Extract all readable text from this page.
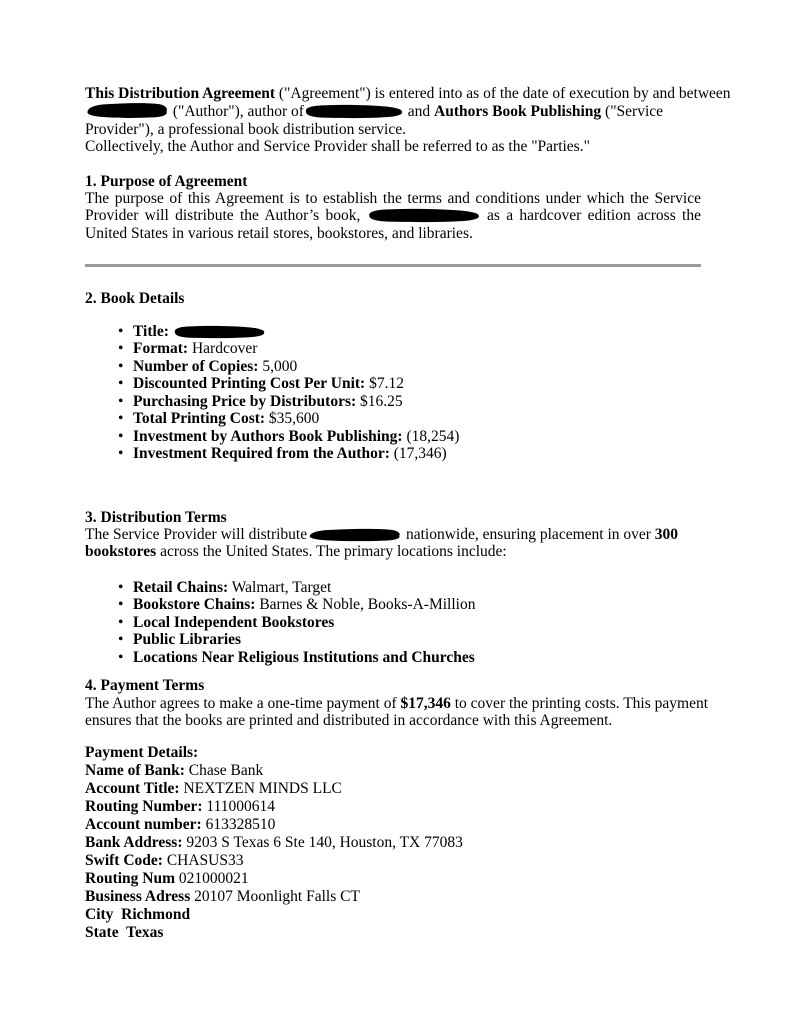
This Distribution Agreement ("Agreement") is entered into as of the date of execution by and between
("Author"), author of	and Authors Book Publishing ("Service
Provider"), a professional book distribution service.
Collectively, the Author and Service Provider shall be referred to as the "Parties."
1. Purpose of Agreement
The purpose of this Agreement is to establish the terms and conditions under which the Service Provider will distribute the Author’s book,	as a hardcover edition across the United States in various retail stores, bookstores, and libraries.
2. Book Details
• Title:
• Format: Hardcover
• Number of Copies: 5,000
• Discounted Printing Cost Per Unit: $7.12
• Purchasing Price by Distributors: $16.25
• Total Printing Cost: $35,600
• Investment by Authors Book Publishing: (18,254)
• Investment Required from the Author: (17,346)
3. Distribution Terms
The Service Provider will distribute	nationwide, ensuring placement in over 300
bookstores across the United States. The primary locations include:
• Retail Chains: Walmart, Target
• Bookstore Chains: Barnes & Noble, Books-A-Million
• Local Independent Bookstores
• Public Libraries
• Locations Near Religious Institutions and Churches
4. Payment Terms
The Author agrees to make a one-time payment of $17,346 to cover the printing costs. This payment
ensures that the books are printed and distributed in accordance with this Agreement.
Payment Details:
Name of Bank: Chase Bank
Account Title: NEXTZEN MINDS LLC
Routing Number: 111000614
Account number: 613328510
Bank Address: 9203 S Texas 6 Ste 140, Houston, TX 77083
Swift Code: CHASUS33
Routing Num 021000021
Business Adress 20107 Moonlight Falls CT
City  Richmond
State  Texas
